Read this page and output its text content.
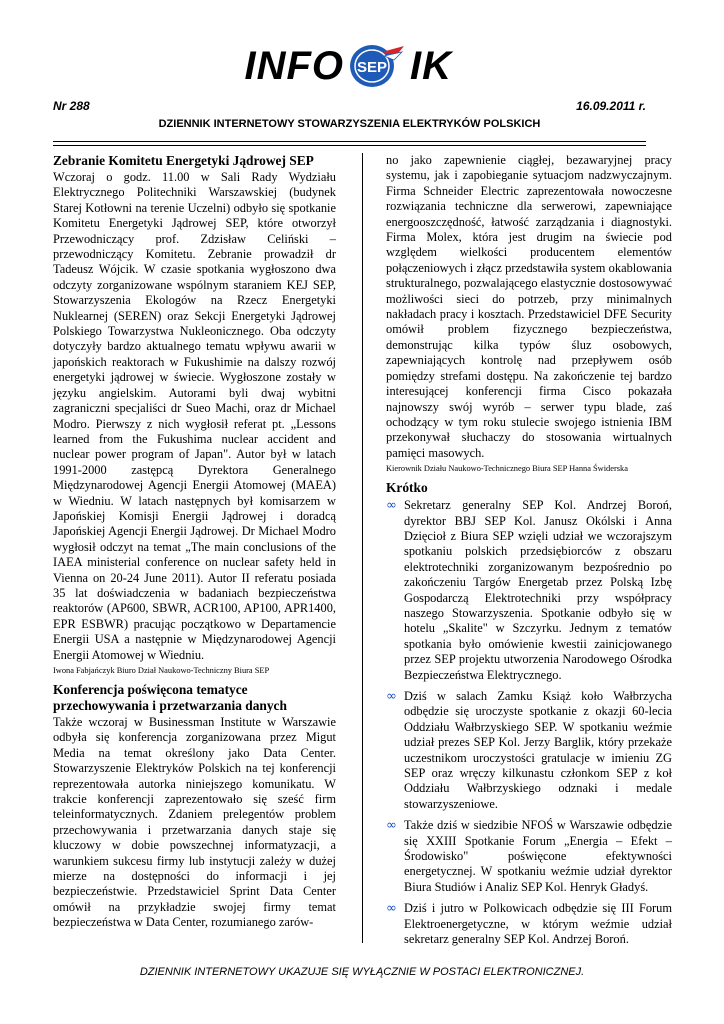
INFO SEP IK
Nr 288	16.09.2011 r.
DZIENNIK INTERNETOWY STOWARZYSZENIA ELEKTRYKÓW POLSKICH
Zebranie Komitetu Energetyki Jądrowej SEP

Wczoraj o godz. 11.00 w Sali Rady Wydziału Elektrycznego Politechniki Warszawskiej (budynek Starej Kotłowni na terenie Uczelni) odbyło się spotkanie Komitetu Energetyki Jądrowej SEP, które otworzył Przewodniczący prof. Zdzisław Celiński – przewodniczący Komitetu. Zebranie prowadził dr Tadeusz Wójcik. W czasie spotkania wygłoszono dwa odczyty zorganizowane wspólnym staraniem KEJ SEP, Stowarzyszenia Ekologów na Rzecz Energetyki Nuklearnej (SEREN) oraz Sekcji Energetyki Jądrowej Polskiego Towarzystwa Nukleonicznego. Oba odczyty dotyczyły bardzo aktualnego tematu wpływu awarii w japońskich reaktorach w Fukushimie na dalszy rozwój energetyki jądrowej w świecie. Wygłoszone zostały w języku angielskim. Autorami byli dwaj wybitni zagraniczni specjaliści dr Sueo Machi, oraz dr Michael Modro. Pierwszy z nich wygłosił referat pt. „Lessons learned from the Fukushima nuclear accident and nuclear power program of Japan". Autor był w latach 1991-2000 zastępcą Dyrektora Generalnego Międzynarodowej Agencji Energii Atomowej (MAEA) w Wiedniu. W latach następnych był komisarzem w Japońskiej Komisji Energii Jądrowej i doradcą Japońskiej Agencji Energii Jądrowej. Dr Michael Modro wygłosił odczyt na temat „The main conclusions of the IAEA ministerial conference on nuclear safety held in Vienna on 20-24 June 2011). Autor II referatu posiada 35 lat doświadczenia w badaniach bezpieczeństwa reaktorów (AP600, SBWR, ACR100, AP100, APR1400, EPR ESBWR) pracując początkowo w Departamencie Energii USA a następnie w Międzynarodowej Agencji Energii Atomowej w Wiedniu.

Iwona Fabjańczyk Biuro Dział Naukowo-Techniczny Biura SEP
Konferencja poświęcona tematyce przechowywania i przetwarzania danych

Także wczoraj w Businessman Institute w Warszawie odbyła się konferencja zorganizowana przez Migut Media na temat określony jako Data Center. Stowarzyszenie Elektryków Polskich na tej konferencji reprezentowała autorka niniejszego komunikatu. W trakcie konferencji zaprezentowało się sześć firm teleinformatycznych. Zdaniem prelegentów problem przechowywania i przetwarzania danych staje się kluczowy w dobie powszechnej informatyzacji, a warunkiem sukcesu firmy lub instytucji zależy w dużej mierze na dostępności do informacji i jej bezpieczeństwie. Przedstawiciel Sprint Data Center omówił na przykładzie swojej firmy temat bezpieczeństwa w Data Center, rozumianego zarów-

no jako zapewnienie ciągłej, bezawaryjnej pracy systemu, jak i zapobieganie sytuacjom nadzwyczajnym. Firma Schneider Electric zaprezentowała nowoczesne rozwiązania techniczne dla serwerowi, zapewniające energooszczędność, łatwość zarządzania i diagnostyki. Firma Molex, która jest drugim na świecie pod względem wielkości producentem elementów połączeniowych i złącz przedstawiła system okablowania strukturalnego, pozwalającego elastycznie dostosowywać możliwości sieci do potrzeb, przy minimalnych nakładach pracy i kosztach. Przedstawiciel DFE Security omówił problem fizycznego bezpieczeństwa, demonstrując kilka typów śluz osobowych, zapewniających kontrolę nad przepływem osób pomiędzy strefami dostępu. Na zakończenie tej bardzo interesującej konferencji firma Cisco pokazała najnowszy swój wyrób – serwer typu blade, zaś ochodzący w tym roku stulecie swojego istnienia IBM przekonywał słuchaczy do stosowania wirtualnych pamięci masowych.

Kierownik Działu Naukowo-Technicznego Biura SEP Hanna Świderska
Krótko
∞ Sekretarz generalny SEP Kol. Andrzej Boroń, dyrektor BBJ SEP Kol. Janusz Okólski i Anna Dzięcioł z Biura SEP wzięli udział we wczorajszym spotkaniu polskich przedsiębiorców z obszaru elektrotechniki zorganizowanym bezpośrednio po zakończeniu Targów Energetab przez Polską Izbę Gospodarczą Elektrotechniki przy współpracy naszego Stowarzyszenia. Spotkanie odbyło się w hotelu „Skalite" w Szczyrku. Jednym z tematów spotkania było omówienie kwestii zainicjowanego przez SEP projektu utworzenia Narodowego Ośrodka Bezpieczeństwa Elektrycznego.
∞ Dziś w salach Zamku Książ koło Wałbrzycha odbędzie się uroczyste spotkanie z okazji 60-lecia Oddziału Wałbrzyskiego SEP. W spotkaniu weźmie udział prezes SEP Kol. Jerzy Barglik, który przekaże uczestnikom uroczystości gratulacje w imieniu ZG SEP oraz wręczy kilkunastu członkom SEP z koł Oddziału Wałbrzyskiego odznaki i medale stowarzyszeniowe.
∞ Także dziś w siedzibie NFOŚ w Warszawie odbędzie się XXIII Spotkanie Forum „Energia – Efekt – Środowisko" poświęcone efektywności energetycznej. W spotkaniu weźmie udział dyrektor Biura Studiów i Analiz SEP Kol. Henryk Gładyś.
∞ Dziś i jutro w Polkowicach odbędzie się III Forum Elektroenergetyczne, w którym weźmie udział sekretarz generalny SEP Kol. Andrzej Boroń.
DZIENNIK INTERNETOWY UKAZUJE SIĘ WYŁĄCZNIE W POSTACI ELEKTRONICZNEJ.
